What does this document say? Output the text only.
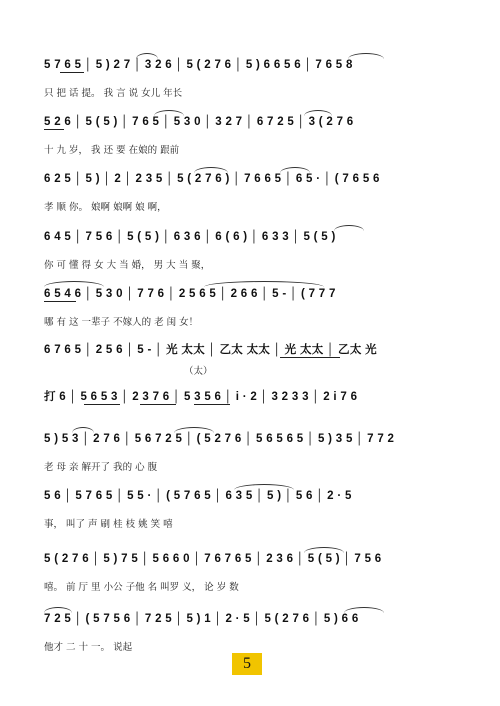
5 7 6 5 │ 5 ) 2 7 │ 3 2 6 │ 5 ( 2 7 6 │ 5 ) 6 6 5 6 │ 7 6 5 8
只 把 话 提。 我 言 说 女儿 年长
5 2 6 │ 5 ( 5 ) │ 7 6 5 │ 5 3 0 │ 3 2 7 │ 6 7 2 5 │ 3 ( 2 7 6
十 九 岁， 我 还 要 在娘的 跟前
6 2 5 │ 5 ) │ 2 │ 2 3 5 │ 5 ( 2 7 6 ) │ 7 6 6 5 │ 6 5 · │ ( 7 6 5 6
孝 顺 你。 娘啊 娘啊 娘 啊，
6 4 5 │ 7 5 6 │ 5 ( 5 ) │ 6 3 6 │ 6 ( 6 ) │ 6 3 3 │ 5 ( 5 )
你 可 懂 得 女 大 当 婚， 男 大 当 聚，
6 5 4 6 │ 5 3 0 │ 7 7 6 │ 2 5 6 5 │ 2 6 6 │ 5 - │ ( 7 7 7
哪 有 这 一辈子 不嫁人的 老 闺 女！
6 7 6 5 │ 2 5 6 │ 5 - │ 光 太太 │ 乙太 太太 │ 光 太太 │ 乙太 光
（太）
打 6 │ 5 6 5 3 │ 2 3 7 6 │ 5 3 5 6 │ i · 2 │ 3 2 3 3 │ 2 i 7 6
5 ) 5 3 │ 2 7 6 │ 5 6 7 2 5 │ ( 5 2 7 6 │ 5 6 5 6 5 │ 5 ) 3 5 │ 7 7 2
老 母 亲 解开了 我的 心 腹
5 6 │ 5 7 6 5 │ 5 5 · │ ( 5 7 6 5 │ 6 3 5 │ 5 ) │ 5 6 │ 2 · 5
事， 叫了 声 刷 桂 枝 姚 笑 嘻
5 ( 2 7 6 │ 5 ) 7 5 │ 5 6 6 0 │ 7 6 7 6 5 │ 2 3 6 │ 5 ( 5 ) │ 7 5 6
嘻。 前 厅 里 小公 子他 名 叫罗 义， 论 岁 数
7 2 5 │ ( 5 7 5 6 │ 7 2 5 │ 5 ) 1 │ 2 · 5 │ 5 ( 2 7 6 │ 5 ) 6 6
他才 二 十 一。 说起
5
